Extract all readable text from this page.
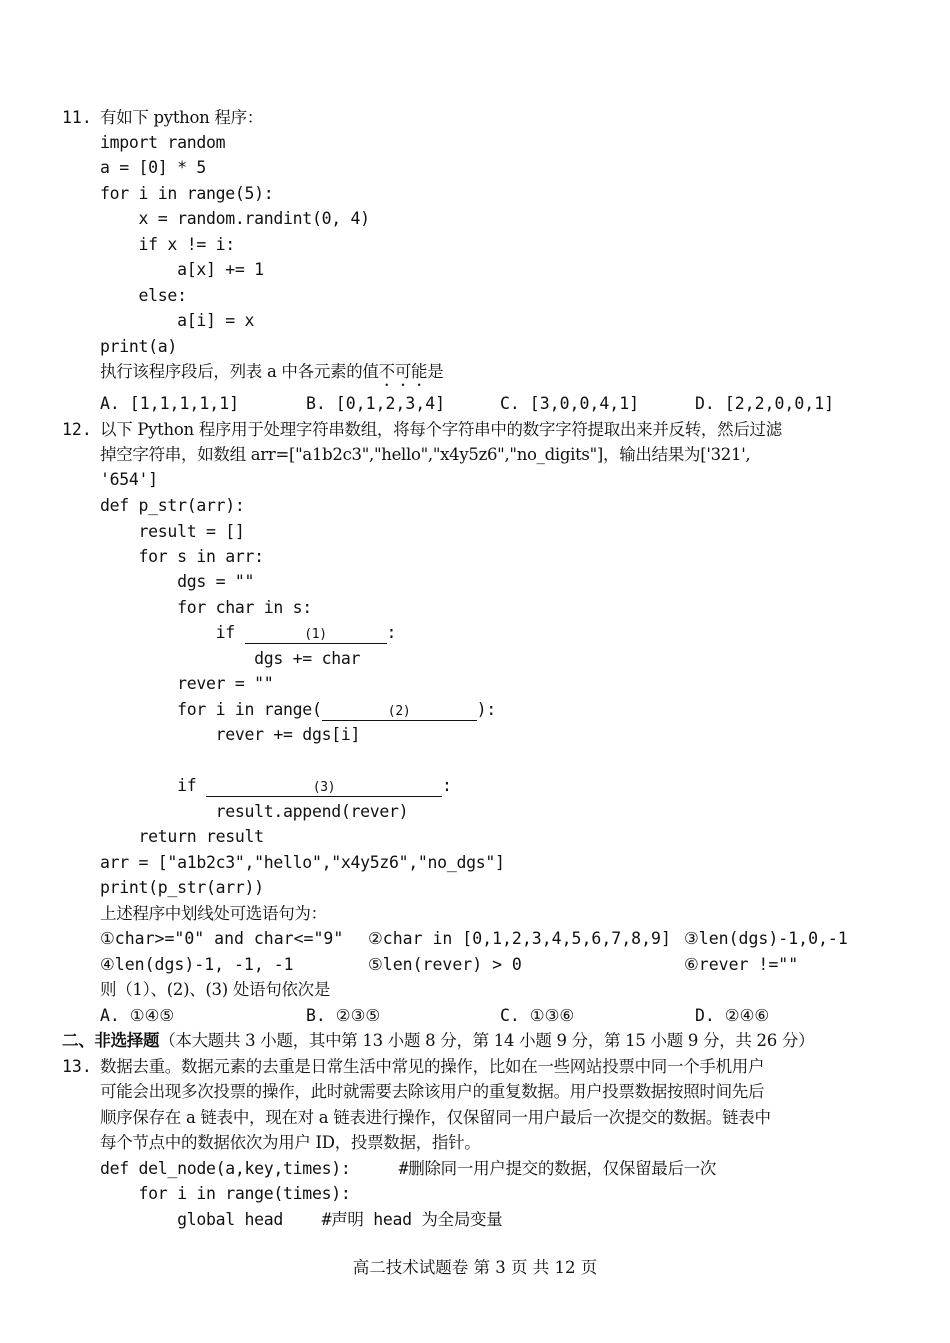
11. 有如下 python 程序：
import random
a = [0] * 5
for i in range(5):
x = random.randint(0, 4)
if x != i:
a[x] += 1
else:
a[i] = x
print(a)
执行该程序段后，列表 a 中各元素的值不可能是
A. [1,1,1,1,1]	B. [0,1,2,3,4]	C. [3,0,0,4,1]	D. [2,2,0,0,1]
12. 以下 Python 程序用于处理字符串数组，将每个字符串中的数字字符提取出来并反转，然后过滤
掉空字符串，如数组 arr=["a1b2c3","hello","x4y5z6","no_digits"]，输出结果为['321',
'654']
def p_str(arr):
result = []
for s in arr:
dgs = ""
for char in s:
if	(1)	:
dgs += char
rever = ""
for i in range(	(2)	):
rever += dgs[i]
if	(3)	:
result.append(rever)
return result
arr = ["a1b2c3","hello","x4y5z6","no_dgs"]
print(p_str(arr))
上述程序中划线处可选语句为：
①char>="0" and char<="9" ②char in [0,1,2,3,4,5,6,7,8,9] ③len(dgs)-1,0,-1
④len(dgs)-1, -1, -1	⑤len(rever) > 0	⑥rever !=""
则（1）、(2)、(3) 处语句依次是
A. ①④⑤	B. ②③⑤	C. ①③⑥	D. ②④⑥
二、非选择题（本大题共 3 小题，其中第 13 小题 8 分，第 14 小题 9 分，第 15 小题 9 分，共 26 分）
13. 数据去重。数据元素的去重是日常生活中常见的操作，比如在一些网站投票中同一个手机用户
可能会出现多次投票的操作，此时就需要去除该用户的重复数据。用户投票数据按照时间先后
顺序保存在 a 链表中，现在对 a 链表进行操作，仅保留同一用户最后一次提交的数据。链表中
每个节点中的数据依次为用户 ID，投票数据，指针。
def del_node(a,key,times):     #删除同一用户提交的数据，仅保留最后一次
for i in range(times):
global head    #声明 head 为全局变量
高二技术试题卷 第 3 页 共 12 页
